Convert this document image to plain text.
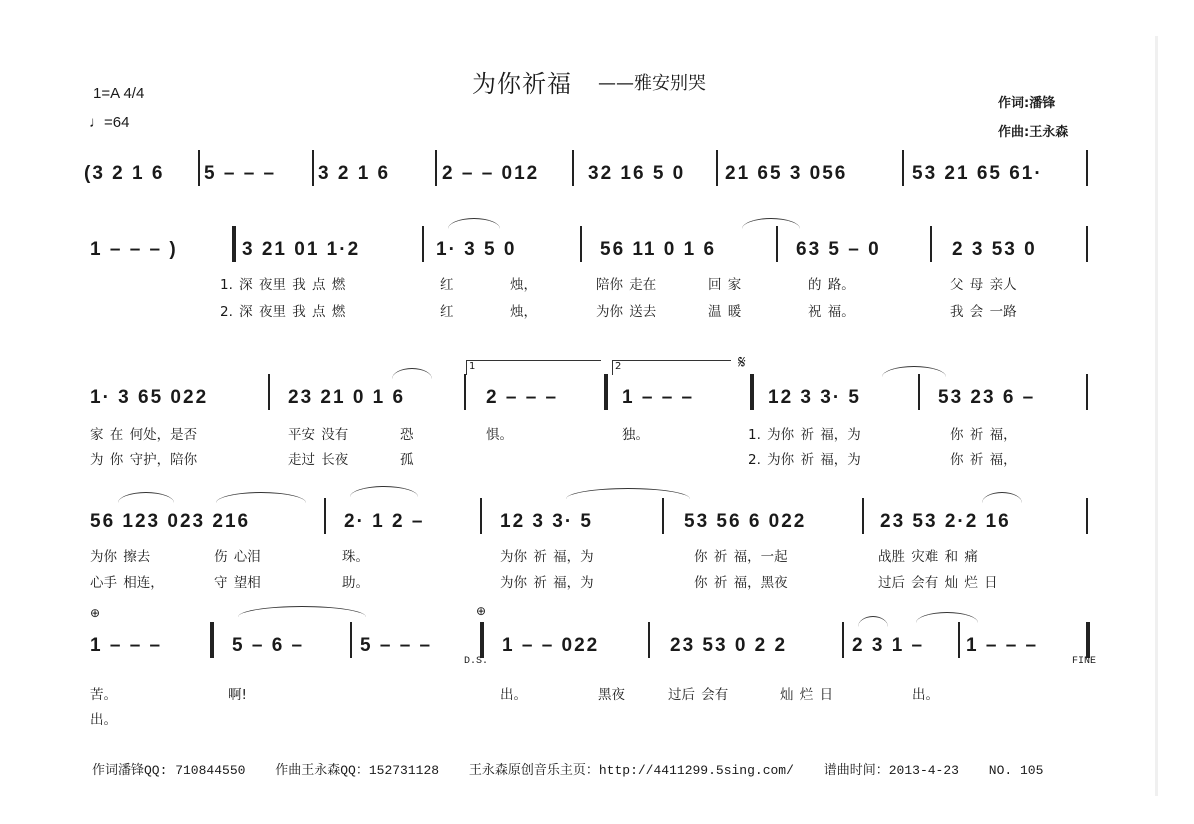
为你祈福 ——雅安别哭
1=A 4/4
♩=64
作词:潘锋
作曲:王永森
(3 2 1 6 5 – – – 3 2 1 6	2 – – 012	32 16 5 0 21 65 3 056	53 21 65 61·
1 – – – )	3 21 01 1·2	1· 3 5 0	56 11 0 1 6	63 5 – 0	2 3 53 0
1. 深 夜里 我 点 燃	红	烛，	陪你 走在	回 家	的 路。	父 母 亲人
2. 深 夜里 我 点 燃	红	烛，	为你 送去	温 暖	祝 福。	我 会 一路
1	2	𝄋
1· 3 65 022	23 21 0 1 6	2 – – –	1 – – –	12 3 3· 5	53 23 6 –
家 在 何处，是否	平安 没有	恐	惧。	独。	1. 为你 祈 福，为	你 祈 福，
为 你 守护，陪你	走过 长夜	孤	2. 为你 祈 福，为	你 祈 福，
56 123 023 216	2· 1 2 –	12 3 3· 5	53 56 6 022	23 53 2·2 16
为你 擦去	伤 心泪	珠。	为你 祈 福，为	你 祈 福，一起	战胜 灾难 和 痛
心手 相连，	守 望相	助。	为你 祈 福，为	你 祈 福，黑夜	过后 会有 灿 烂 日
⊕	⊕
D.S.	FINE
1 – – –	5 – 6 –	5 – – –	1 – – 022	23 53 0 2 2	2 3 1 – 1 – – –
苦。	啊!	出。	黑夜	过后 会有	灿 烂 日	出。
出。
作词潘锋QQ: 710844550 作曲王永森QQ：152731128 王永森原创音乐主页：http://4411299.5sing.com/ 谱曲时间：2013-4-23 NO. 105
